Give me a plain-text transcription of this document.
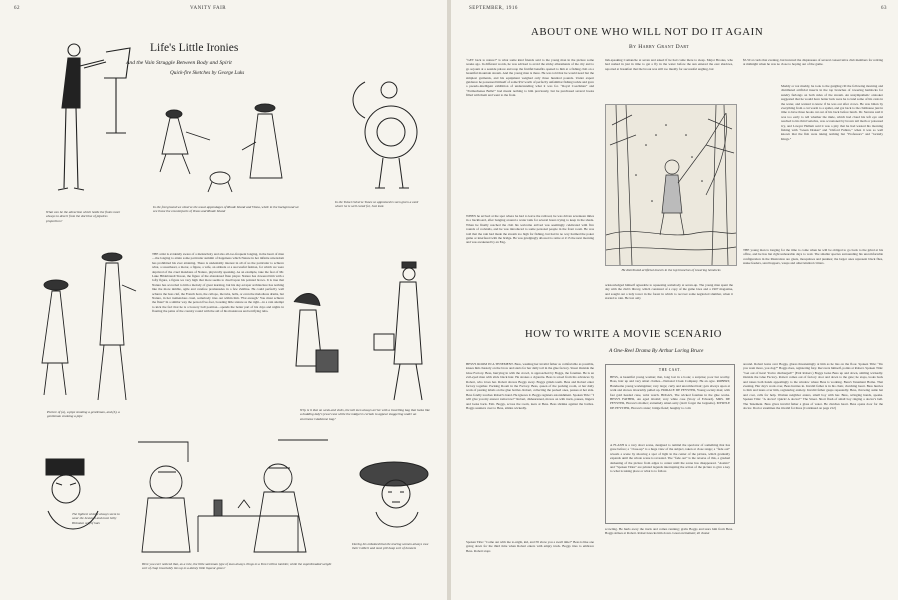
62	VANITY FAIR
Life's Little Ironies
And the Vain Struggle Between Body and Spirit
Quick-fire Sketches by George Luks
What can be the attraction which holds the flutes more always to desert from the doctrine of pipeless proportion?
In the foreground we observe the usual appendages of Rhode Island and Vinna, while in the background we see those the counterparts of Texas and Rhode Island
In the Tuba Universe Tunes so appraised is seen given a card where he is well cared for, Just look
THE artist is evidently aware of a melancholy and also all-too-frequent longing, in the heart of man—the longing to attain some particular summit of happiness which Nature in her infinite unwisdom has prohibited his ever attaining. There is undeniably interest in all of us the particular to achieve what, a sweetheart, a motor, a figure, a wife, an attitude or a successful fashion, for which we were deprived of the cruel mandates of Nature, physically speaking. As an example, take the feat of Mr. Luke Hildebrandt Sisson, the figure of the abandoned flute player. Nature has dowered him with a lofty figure, a figure we very high that more seems to dwell upon his pointed brows. It is true that Nature has accorded to him a melody of great learning, but his sky-scraper architecture has nothing like the more nimble, agile and carefree promenades in a few Zeitline. He could perfectly well achieve the bass clef, the French horn, the cellopo, the tuba, bells, or even the melodious drums, but Nature, in her tremendous cruel, somebody tries out within him. 'Flat enough.' You must achieve the flute!' In a similar way the person five-foot, boasting little stature as the right—in a rain attempt to kick the fact that he is a bowery ball position—spends the better part of his days and nights in flouting the pains of the country round with the aid of his monstrous and terrifying tuba.
Picture of (a), a pipe smoking a gentleman, and (b), a gentleman smoking a pipe
Why is it that on week-end visits, the tall men always arrive with a travelling bag that looks like a budding lady's jewel case while the midget is certain to appear staggering under an enormous Gladstone bag?
The lightest whistle always seem to wear the heaviest and most Gilly Hoboken self of hats
Here you ever noticed that, as a rule, the little salesman type of man always clings to a Tom Collins tumbler, while the superdreaded weight sort of chap invariably ties up to a dainty little liqueur glass?
During his ordained that the tearing women always owe their Gilbert and most pill heap sort of bonnets
SEPTEMBER, 1916	63
ABOUT ONE WHO WILL NOT DO IT AGAIN
By Harry Grant Dart
“GET back to nature!” is what some kind friends said to the young man in the picture some weeks ago. In different words, he was advised to avoid the sticky allurements of the city and to go sojourn at a seaside palace and reap the fruitful benefits opened to him at a fishing club on a beautiful mountain stream. And the young man is there. He was told that he would need but the simplest garments, and his equipment weighed only three hundred pounds. Under expert guidance he possessed himself of some $52 worth of perfectly unfamiliar fishing tackle and gave a pseudo-intelligent exhibition of understanding what it was for. “Royal Coachman” and “Parmachenee Belle!” had meant nothing to him previously, but he purchased several books filled with them and went to the front.
WHEN he arrived at the spot where he had to leave the railroad, he was driven seventeen miles in a buckboard, after banging around a water tank for several hours trying to keep in the shade. When he finally reached the club his welcome arrived was seemingly celebrated with five rounds of cocktails, and he was introduced to some personal people in the front room. He was told that the rain had made the stream too high for fishing, but had in no way harmed the poker game or interfered with the bridge. He was grudgingly allowed to retire at 2:15 the next morning and was awakened by an Eng-
lish-speaking Comanche at seven and asked if he had come there to sleep. Major Brooks, who had rushed in just in time to get a fly in the water before the sun entered the east shadows, reported at breakfast that the brook was still too muddy for successful angling, but
He distributed artificial insects in the top branches of towering hemlocks
acknowledged himself agreeable to squeezing somebody at seven-up. The young man spent the day with the club's library, which consisted of a copy of the game laws and a 1907 magazine, and sought out a lady tower in the forest in which to recover some neglected slumber, when it started to rain. He lost only
$5.50 at cards that evening, but incurred the displeasure of several conservative club members for retiring at midnight when he was no close to hoping out of the game.
Muddy or not muddy, he took to the gurgling rill the following morning and distributed artificial insects in the top branches of towering hemlocks for sundry furlongs on both sides of the stream. An unsympathetic onlooker suggested that he would have better luck were he to land some of his casts in the water, and wanted to know if he was out after crows. He was bitten by everything from a cut worm to a spider, and got back to the clubhouse just in time to have three hooks cut out of his back before lunch. Dr. Stevens said it was too early to tell whether the mule, which had cloud his left eye and reached to his third vertebra, was occasioned by brown tail moth or poisoned ivy, and Lawyer Hallam said it was a pity that he had wasted his morning fishing with “Green Drakes” and “Oxford Fullers,” when it was so well known that the fish were taking nothing but “Professors” and “Grizzly Kings.”
THE young man is longing for the time to come when he will be obliged to go back to the grind at his office, and he has but right unbearable days to wait. The smaller species surrounding his uncomfortable configuration in the illustration are gnats, mosquitoes and punkies; the larger ones represent black flies, snake feeders, sand hoppers, wasps and other kindred critters.
HOW TO WRITE A MOVIE SCENARIO
A One-Reel Drama By Arthur Loring Bruce
BESS'S ROOM IN A TENEMENT. Bess, washing her invalid father as comfortable as possible, kisses him chastely on the brow and starts for her daily toil in the glue factory. Street Outside the Glue Factory. Bess, hurrying in with the crowd, is approached by Boggs, the foreman. He is an evil-eyed man with slick black hair. He strokes a cigarette. Bess is saved from his advances by Robert, who loves her. Robert shoves Boggs away. Boggs grinds teeth. Bess and Robert enter factory together. Packing Room in the Factory. Bess, queen of the packing room, at her daily work of pasting labels on the glue bottles. Robert, collecting the packed ones, pauses at her side. Bess fondly touches Robert's hand. He ignores it. Boggs registers astonishment. Spoken Title: “I will give you my answer tomorrow!” Robert, disheartened, moves on with truck, pauses, lingers and looks back. Exit. Boggs, across the room, leers at Bess. Bess shrinks against the bottles. Boggs saunters over to Bess, smiles wickedly.
Spoken Title: “Come out with me to-night, kid, and I'll show you a swell time!” Bess is like one going down for the third time when Robert enters with empty truck. Boggs tries to embrace Bess. Robert stops
THE CAST.
BESS, A beautiful young woman; that, long lost in a book; a surprise; poor but worthy. Boss, hair up and very smart clothes—National Cloak Company. He an ogre. ROBERT, Handsome young workingman; very large; curly and uncombed hair; gets always upon at walk and shoves invariably pulled up. HORACE DE PEYSTER, Young society man; with fast gold headed cane, wrist watch. BOGGS, The wicked foreman in the glue works. BESS'S FATHER, An aged invalid; very white case (Story of Edward). MRS. DE PEYSTER, Horace's mother; extremely smart-satty (don't forget the lorgnette). MYRTLE DE PEYSTER, Horace's sister; bridge fiend; haughty to cold.
A FLASH is a very short scene, designed to remind the spectator of something that has gone before; a “close-up” is a huge view of the subject, taken at close range; a “fade out” reveals a scene by showing a spot of light in the center of the picture, which gradually expands until the whole scene is revealed. The “fade out” is the reverse of this, a gradual darkening of the picture from edges to center until the scene has disappeared. “Assists” and “Spoken Titles” are printed legends interrupting the action of the picture to give a key to what is taking place or what is to follow.
scowling. He hurls away the truck and comes running; grabs Boggs and tears him from Bess. Boggs strikes at Robert. Robert knocks him down. Great excitement; all cluster
around. Robert leans over Boggs, glares threateningly at him as he lies on the floor. Spoken Title: “Do you want more, you dog?” Boggs rises, registering fury. Recovers himself, points at Robert. Spoken Title: “Get out of here! You're discharged!” (Exit Robert.) Boggs looks Bess up and down, smiling wickedly. Outside the Glue Factory. Robert comes out of factory door and down to the gate; he stops, looks back and raises both hands appealingly to the window where Bess is working. Bess's Tenement Home. That evening. Her day's work over, Bess hurries in. Invalid father is in his chair, clutching heart. Bess hurries to him and leans over him, registering anxiety. Invalid father gasps repeatedly. Bess, throwing aside hat and coat, calls for help. Woman neighbor enters, small boy with her. Bess, wringing hands, speaks. Spoken Title: “A doctor! Quick! A doctor!” The Street. Short flash of small boy ringing a doctor's bell. The Tenement. Bess gives invalid father a glass of water. He clutches heart. Bess opens door for the doctor. Doctor examines the invalid for three (Continued on page 212)
